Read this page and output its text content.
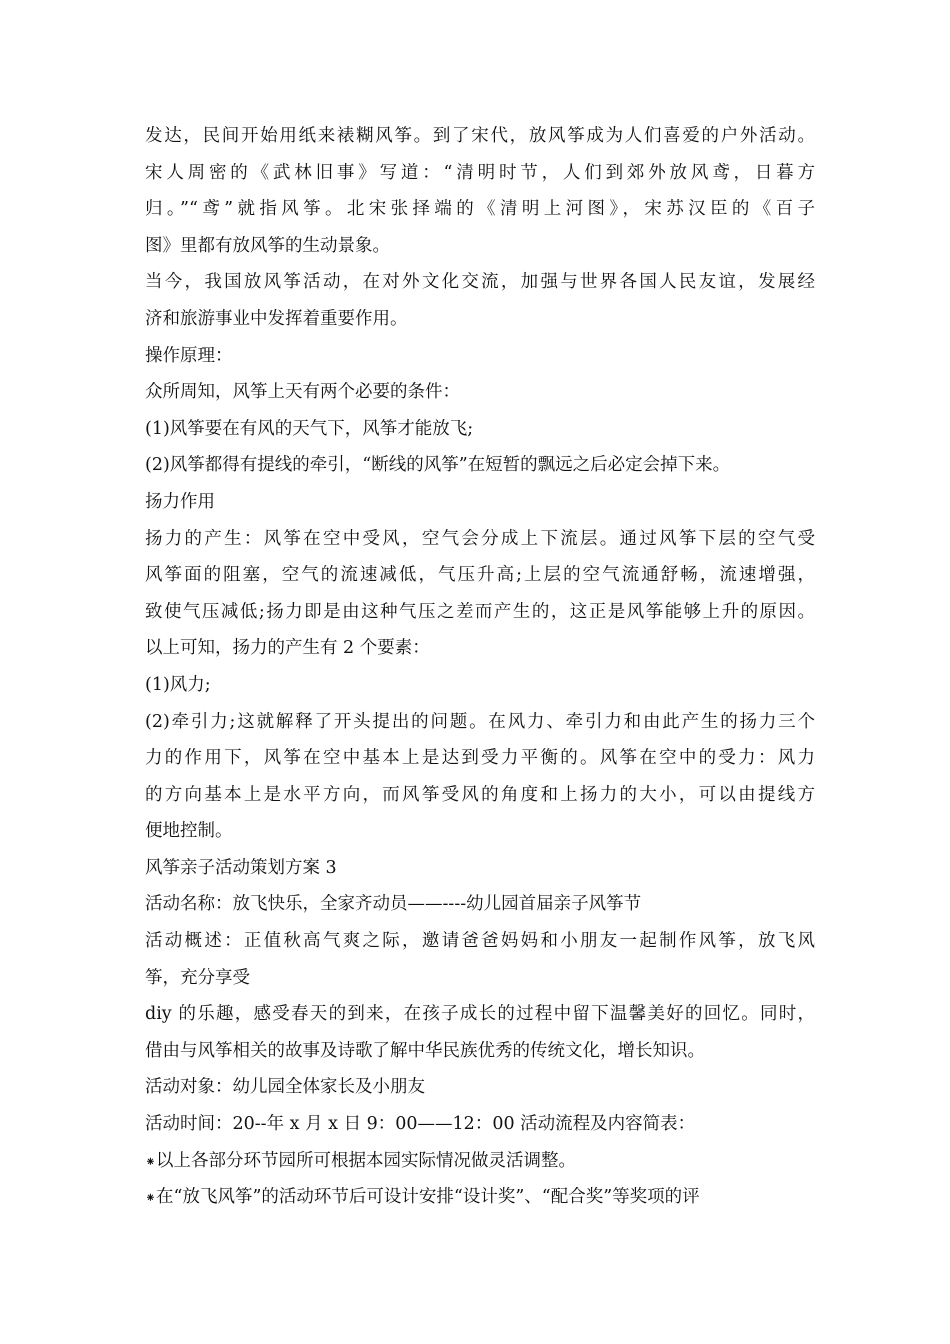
发达，民间开始用纸来裱糊风筝。到了宋代，放风筝成为人们喜爱的户外活动。
宋人周密的《武林旧事》写道：“清明时节，人们到郊外放风鸢，日暮方
归。”“鸢”就指风筝。北宋张择端的《清明上河图》，宋苏汉臣的《百子
图》里都有放风筝的生动景象。
当今，我国放风筝活动，在对外文化交流，加强与世界各国人民友谊，发展经
济和旅游事业中发挥着重要作用。
操作原理：
众所周知，风筝上天有两个必要的条件：
(1)风筝要在有风的天气下，风筝才能放飞;
(2)风筝都得有提线的牵引，“断线的风筝”在短暂的飘远之后必定会掉下来。
扬力作用
扬力的产生：风筝在空中受风，空气会分成上下流层。通过风筝下层的空气受
风筝面的阻塞，空气的流速减低，气压升高;上层的空气流通舒畅，流速增强，
致使气压减低;扬力即是由这种气压之差而产生的，这正是风筝能够上升的原因。
以上可知，扬力的产生有 2 个要素：
(1)风力;
(2)牵引力;这就解释了开头提出的问题。在风力、牵引力和由此产生的扬力三个
力的作用下，风筝在空中基本上是达到受力平衡的。风筝在空中的受力：风力
的方向基本上是水平方向，而风筝受风的角度和上扬力的大小，可以由提线方
便地控制。
风筝亲子活动策划方案 3
活动名称：放飞快乐，全家齐动员——----幼儿园首届亲子风筝节
活动概述：正值秋高气爽之际，邀请爸爸妈妈和小朋友一起制作风筝，放飞风
筝，充分享受
diy 的乐趣，感受春天的到来，在孩子成长的过程中留下温馨美好的回忆。同时，
借由与风筝相关的故事及诗歌了解中华民族优秀的传统文化，增长知识。
活动对象：幼儿园全体家长及小朋友
活动时间：20--年 x 月 x 日 9：00——12：00 活动流程及内容简表：
⁕以上各部分环节园所可根据本园实际情况做灵活调整。
⁕在“放飞风筝”的活动环节后可设计安排“设计奖”、“配合奖”等奖项的评
